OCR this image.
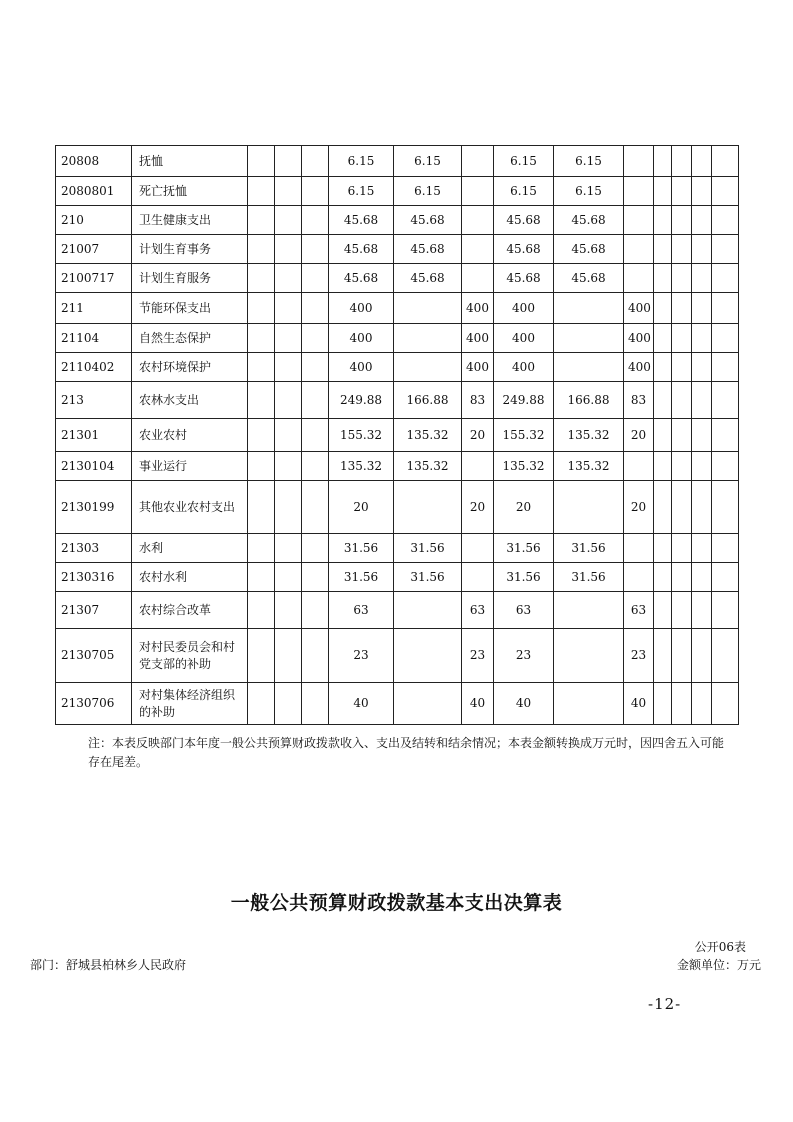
20808	抚恤				6.15	6.15		6.15	6.15					
2080801	死亡抚恤				6.15	6.15		6.15	6.15					
210	卫生健康支出				45.68	45.68		45.68	45.68					
21007	计划生育事务				45.68	45.68		45.68	45.68					
2100717	计划生育服务				45.68	45.68		45.68	45.68					
211	节能环保支出				400		400	400		400				
21104	自然生态保护				400		400	400		400				
2110402	农村环境保护				400		400	400		400				
213	农林水支出				249.88	166.88	83	249.88	166.88	83				
21301	农业农村				155.32	135.32	20	155.32	135.32	20				
2130104	事业运行				135.32	135.32		135.32	135.32					
2130199	其他农业农村支出				20		20	20		20				
21303	水利				31.56	31.56		31.56	31.56					
2130316	农村水利				31.56	31.56		31.56	31.56					
21307	农村综合改革				63		63	63		63				
2130705	对村民委员会和村党支部的补助				23		23	23		23				
2130706	对村集体经济组织的补助				40		40	40		40				
注：本表反映部门本年度一般公共预算财政拨款收入、支出及结转和结余情况；本表金额转换成万元时，因四舍五入可能存在尾差。
一般公共预算财政拨款基本支出决算表
公开06表
部门：舒城县柏林乡人民政府	金额单位：万元
-12-
